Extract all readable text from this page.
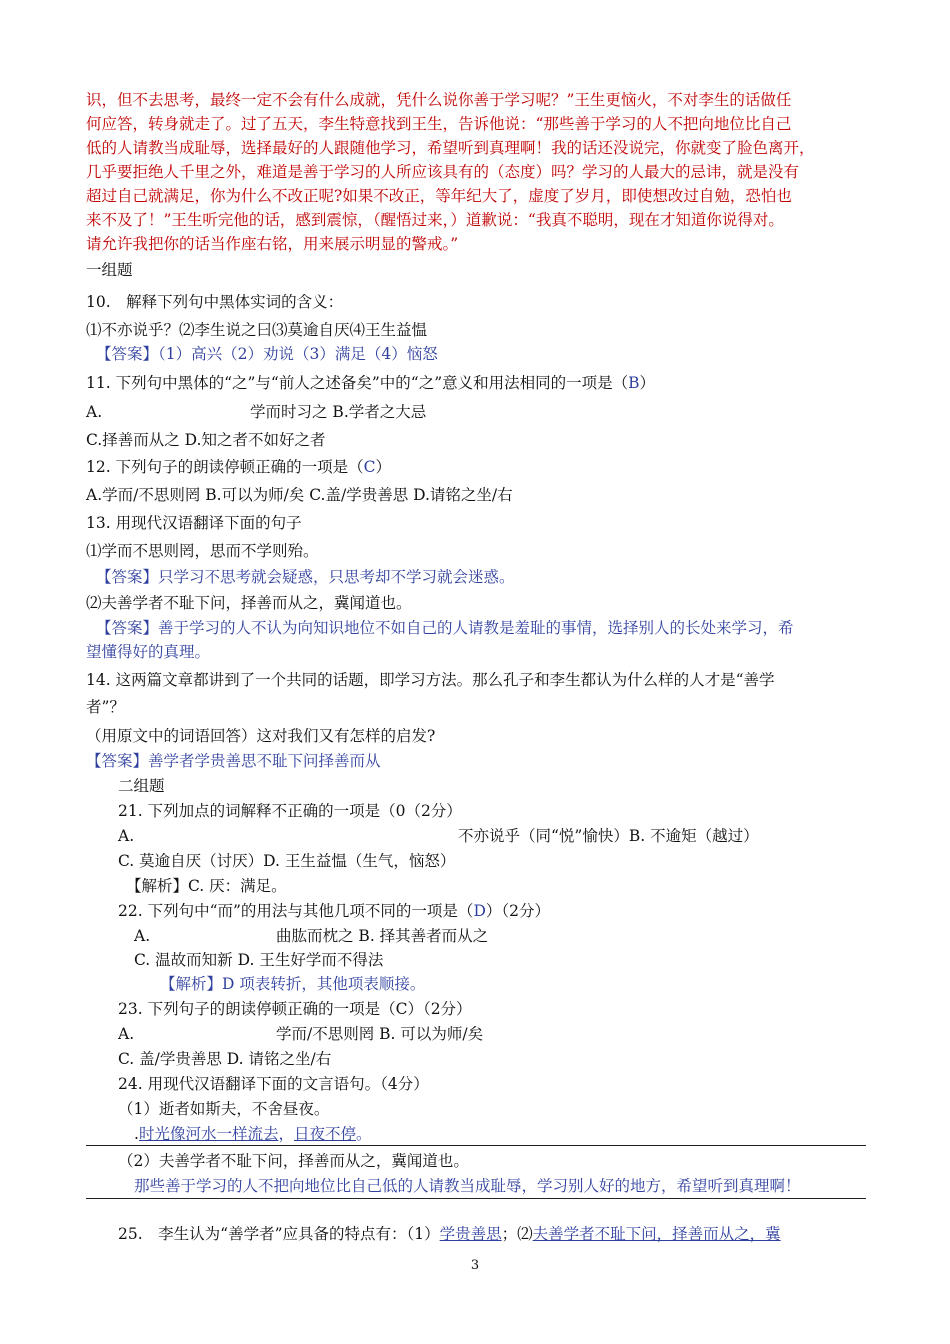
识，但不去思考，最终一定不会有什么成就，凭什么说你善于学习呢？”王生更恼火，不对李生的话做任
何应答，转身就走了。过了五天，李生特意找到王生，告诉他说：“那些善于学习的人不把向地位比自己
低的人请教当成耻辱，选择最好的人跟随他学习，希望听到真理啊！我的话还没说完，你就变了脸色离开，
几乎要拒绝人千里之外，难道是善于学习的人所应该具有的（态度）吗？学习的人最大的忌讳，就是没有
超过自己就满足，你为什么不改正呢?如果不改正，等年纪大了，虚度了岁月，即使想改过自勉，恐怕也
来不及了！”王生听完他的话，感到震惊，（醒悟过来，）道歉说：“我真不聪明，现在才知道你说得对。
请允许我把你的话当作座右铭，用来展示明显的警戒。”
一组题
10.　解释下列句中黑体实词的含义：
⑴不亦说乎？⑵李生说之曰⑶莫逾自厌⑷王生益愠
【答案】（1）高兴（2）劝说（3）满足（4）恼怒
11. 下列句中黑体的“之”与“前人之述备矣”中的“之”意义和用法相同的一项是（B）
A.	学而时习之 B.学者之大忌
C.择善而从之 D.知之者不如好之者
12. 下列句子的朗读停顿正确的一项是（C）
A.学而/不思则罔 B.可以为师/矣 C.盖/学贵善思 D.请铭之坐/右
13. 用现代汉语翻译下面的句子
⑴学而不思则罔，思而不学则殆。
【答案】只学习不思考就会疑惑，只思考却不学习就会迷惑。
⑵夫善学者不耻下问，择善而从之，冀闻道也。
【答案】善于学习的人不认为向知识地位不如自己的人请教是羞耻的事情，选择别人的长处来学习，希
望懂得好的真理。
14. 这两篇文章都讲到了一个共同的话题，即学习方法。那么孔子和李生都认为什么样的人才是“善学
者”？
（用原文中的词语回答）这对我们又有怎样的启发?
【答案】善学者学贵善思不耻下问择善而从
二组题
21. 下列加点的词解释不正确的一项是（0（2分）
A.	不亦说乎（同“悦”愉快）B. 不逾矩（越过）
C. 莫逾自厌（讨厌）D. 王生益愠（生气，恼怒）
【解析】C. 厌：满足。
22. 下列句中“而”的用法与其他几项不同的一项是（D）（2分）
A.	曲肱而枕之 B. 择其善者而从之
C. 温故而知新 D. 王生好学而不得法
【解析】D 项表转折，其他项表顺接。
23. 下列句子的朗读停顿正确的一项是（C）（2分）
A.	学而/不思则罔 B. 可以为师/矣
C. 盖/学贵善思 D. 请铭之坐/右
24. 用现代汉语翻译下面的文言语句。（4分）
（1）逝者如斯夫，不舍昼夜。
.时光像河水一样流去，日夜不停。
（2）夫善学者不耻下问，择善而从之，冀闻道也。
那些善于学习的人不把向地位比自己低的人请教当成耻辱，学习别人好的地方，希望听到真理啊！
25.　李生认为“善学者”应具备的特点有：（1）学贵善思；⑵夫善学者不耻下问，择善而从之，冀
3
